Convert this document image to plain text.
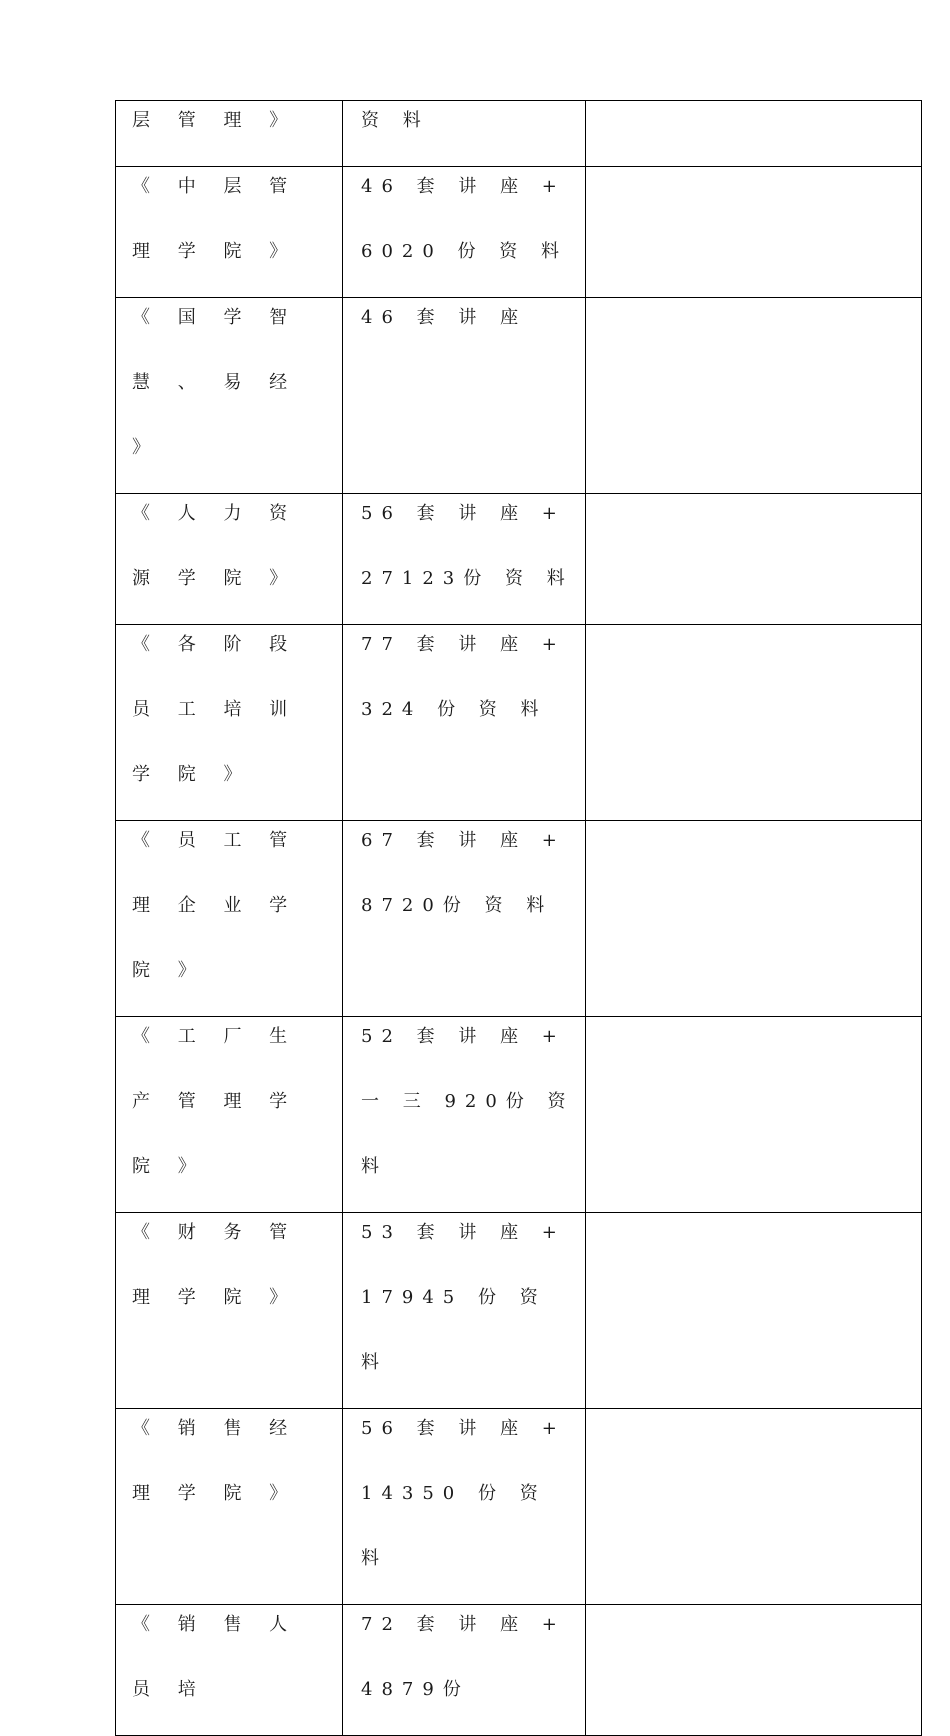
层 管 理 》	资 料	

《 中 层 管 理 学 院 》	46 套 讲 座 +6020 份 资 料	

《 国 学 智 慧 、 易 经 》	46 套 讲 座	

《 人 力 资 源 学 院 》	56 套 讲 座 +27123份 资 料	

《 各 阶 段 员 工 培 训 学 院 》	77 套 讲 座 + 324 份 资 料	

《 员 工 管 理 企 业 学 院 》	67 套 讲 座 + 8720份 资 料	

《 工 厂 生 产 管 理 学 院 》	52 套 讲 座 + 一 三 920份 资 料	

《 财 务 管 理 学 院 》	53 套 讲 座 + 17945 份 资 料	

《 销 售 经 理 学 院 》	56 套 讲 座 + 14350 份 资 料	

《 销 售 人 员 培	72 套 讲 座 + 4879份	
